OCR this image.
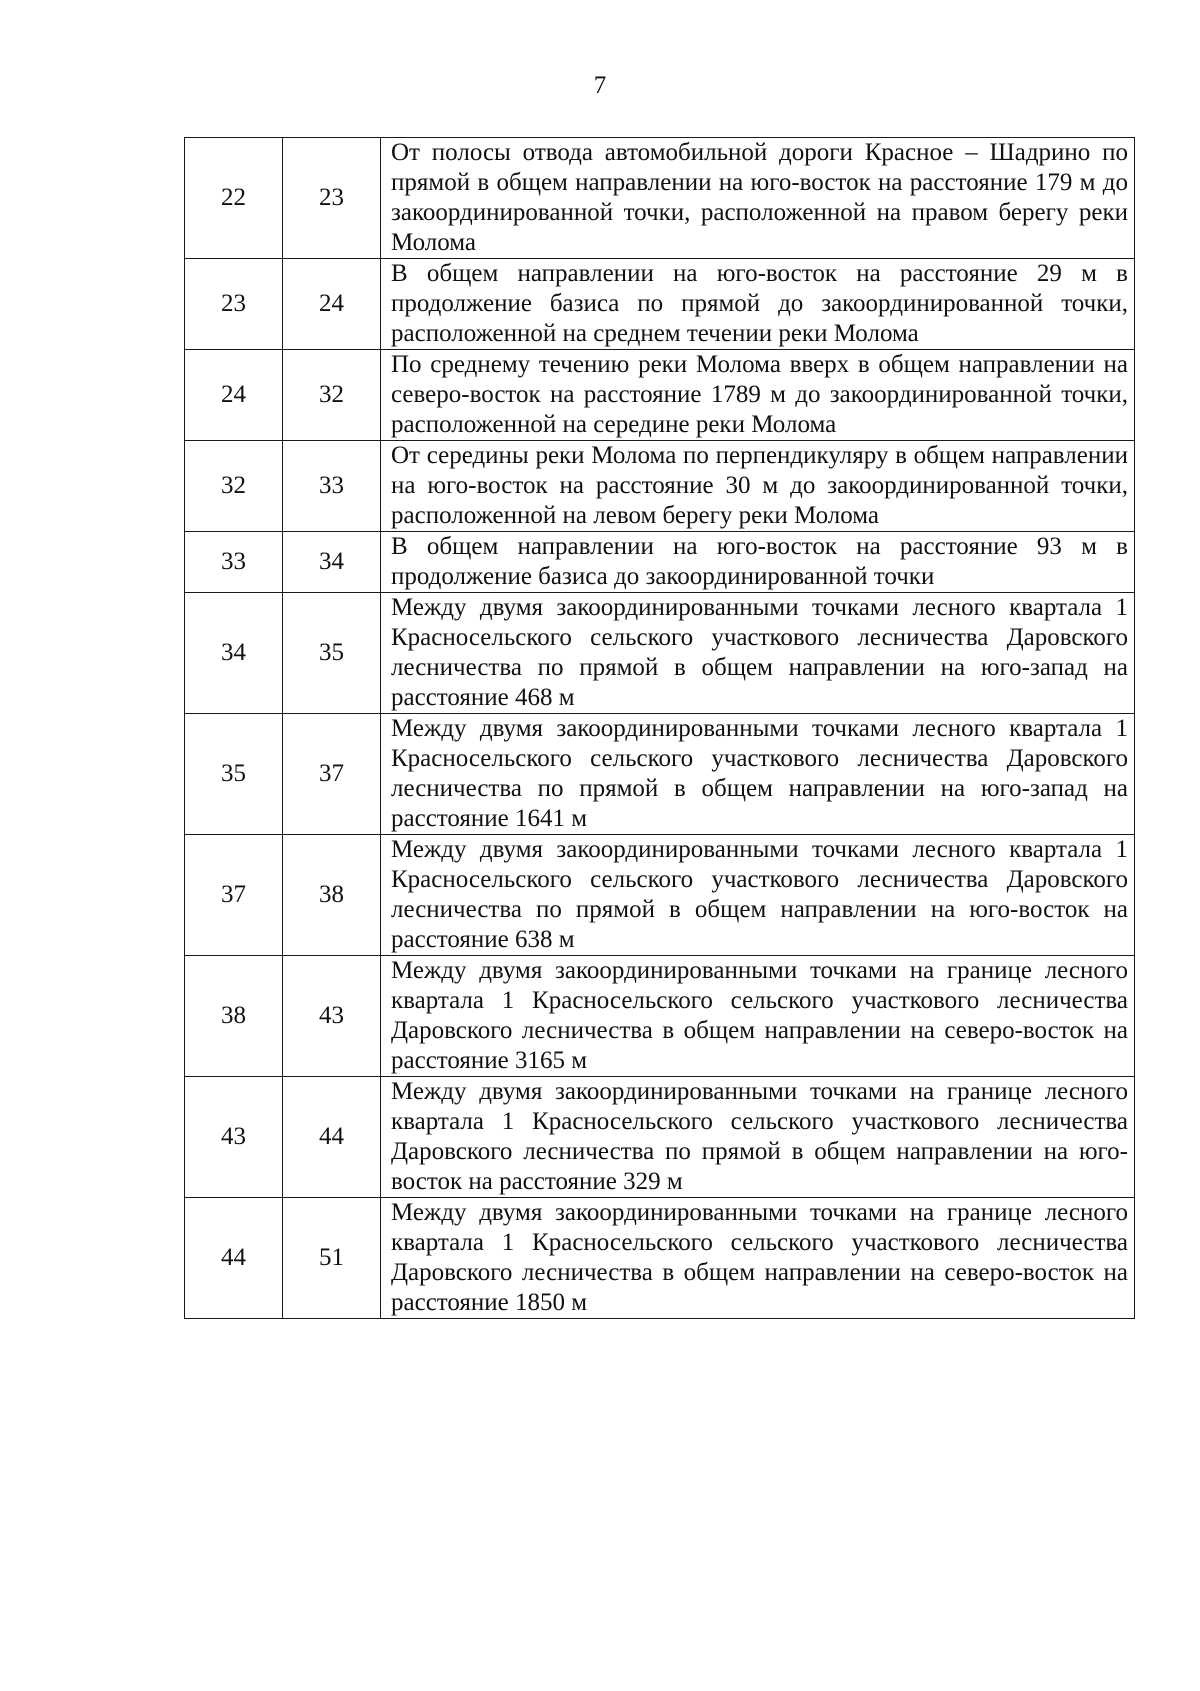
7
22	23	От полосы отвода автомобильной дороги Красное – Шадрино по прямой в общем направлении на юго-восток на расстояние 179 м до закоординированной точки, расположенной на правом берегу реки Молома
23	24	В общем направлении на юго-восток на расстояние 29 м в продолжение базиса по прямой до закоординированной точки, расположенной на среднем течении реки Молома
24	32	По среднему течению реки Молома вверх в общем направлении на северо-восток на расстояние 1789 м до закоординированной точки, расположенной на середине реки Молома
32	33	От середины реки Молома по перпендикуляру в общем направлении на юго-восток на расстояние 30 м до закоординированной точки, расположенной на левом берегу реки Молома
33	34	В общем направлении на юго-восток на расстояние 93 м в продолжение базиса до закоординированной точки
34	35	Между двумя закоординированными точками лесного квартала 1 Красносельского сельского участкового лесничества Даровского лесничества по прямой в общем направлении на юго-запад на расстояние 468 м
35	37	Между двумя закоординированными точками лесного квартала 1 Красносельского сельского участкового лесничества Даровского лесничества по прямой в общем направлении на юго-запад на расстояние 1641 м
37	38	Между двумя закоординированными точками лесного квартала 1 Красносельского сельского участкового лесничества Даровского лесничества по прямой в общем направлении на юго-восток на расстояние 638 м
38	43	Между двумя закоординированными точками на границе лесного квартала 1 Красносельского сельского участкового лесничества Даровского лесничества в общем направлении на северо-восток на расстояние 3165 м
43	44	Между двумя закоординированными точками на границе лесного квартала 1 Красносельского сельского участкового лесничества Даровского лесничества по прямой в общем направлении на юго-восток на расстояние 329 м
44	51	Между двумя закоординированными точками на границе лесного квартала 1 Красносельского сельского участкового лесничества Даровского лесничества в общем направлении на северо-восток на расстояние 1850 м
